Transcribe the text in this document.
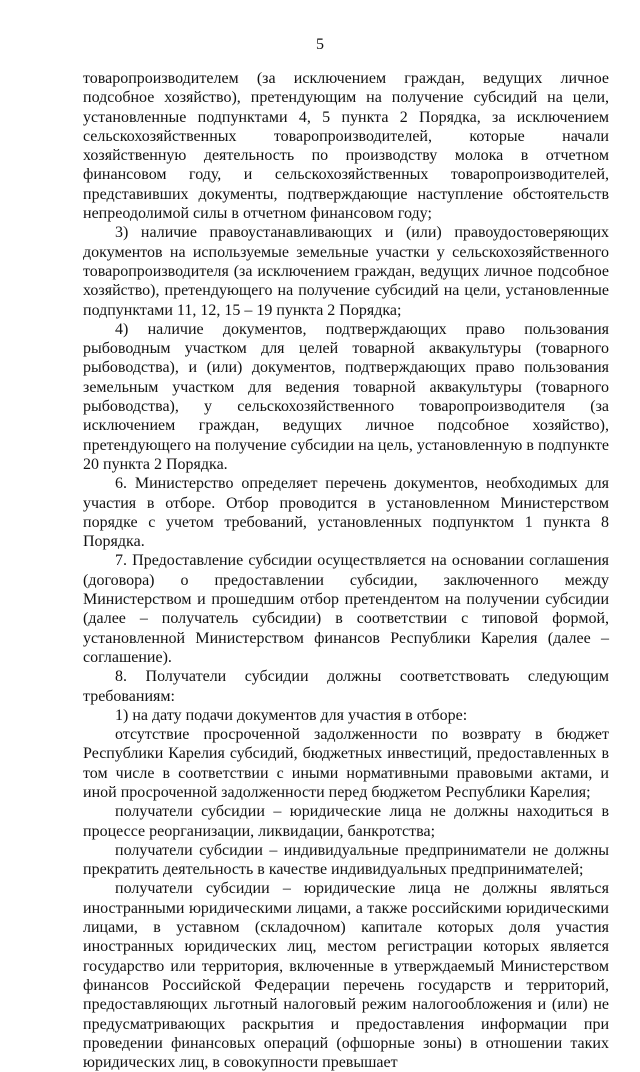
5

товаропроизводителем (за исключением граждан, ведущих личное подсобное хозяйство), претендующим на получение субсидий на цели, установленные подпунктами 4, 5 пункта 2 Порядка, за исключением сельскохозяйственных товаропроизводителей, которые начали хозяйственную деятельность по производству молока в отчетном финансовом году, и сельскохозяйственных товаропроизводителей, представивших документы, подтверждающие наступление обстоятельств непреодолимой силы в отчетном финансовом году;

3) наличие правоустанавливающих и (или) правоудостоверяющих документов на используемые земельные участки у сельскохозяйственного товаропроизводителя (за исключением граждан, ведущих личное подсобное хозяйство), претендующего на получение субсидий на цели, установленные подпунктами 11, 12, 15 – 19 пункта 2 Порядка;

4) наличие документов, подтверждающих право пользования рыбоводным участком для целей товарной аквакультуры (товарного рыбоводства), и (или) документов, подтверждающих право пользования земельным участком для ведения товарной аквакультуры (товарного рыбоводства), у сельскохозяйственного товаропроизводителя (за исключением граждан, ведущих личное подсобное хозяйство), претендующего на получение субсидии на цель, установленную в подпункте 20 пункта 2 Порядка.

6. Министерство определяет перечень документов, необходимых для участия в отборе. Отбор проводится в установленном Министерством порядке с учетом требований, установленных подпунктом 1 пункта 8 Порядка.

7. Предоставление субсидии осуществляется на основании соглашения (договора) о предоставлении субсидии, заключенного между Министерством и прошедшим отбор претендентом на получении субсидии (далее – получатель субсидии) в соответствии с типовой формой, установленной Министерством финансов Республики Карелия (далее – соглашение).

8. Получатели субсидии должны соответствовать следующим требованиям:

1) на дату подачи документов для участия в отборе:

отсутствие просроченной задолженности по возврату в бюджет Республики Карелия субсидий, бюджетных инвестиций, предоставленных в том числе в соответствии с иными нормативными правовыми актами, и иной просроченной задолженности перед бюджетом Республики Карелия;

получатели субсидии – юридические лица не должны находиться в процессе реорганизации, ликвидации, банкротства;

получатели субсидии – индивидуальные предприниматели не должны прекратить деятельность в качестве индивидуальных предпринимателей;

получатели субсидии – юридические лица не должны являться иностранными юридическими лицами, а также российскими юридическими лицами, в уставном (складочном) капитале которых доля участия иностранных юридических лиц, местом регистрации которых является государство или территория, включенные в утверждаемый Министерством финансов Российской Федерации перечень государств и территорий, предоставляющих льготный налоговый режим налогообложения и (или) не предусматривающих раскрытия и предоставления информации при проведении финансовых операций (офшорные зоны) в отношении таких юридических лиц, в совокупности превышает
